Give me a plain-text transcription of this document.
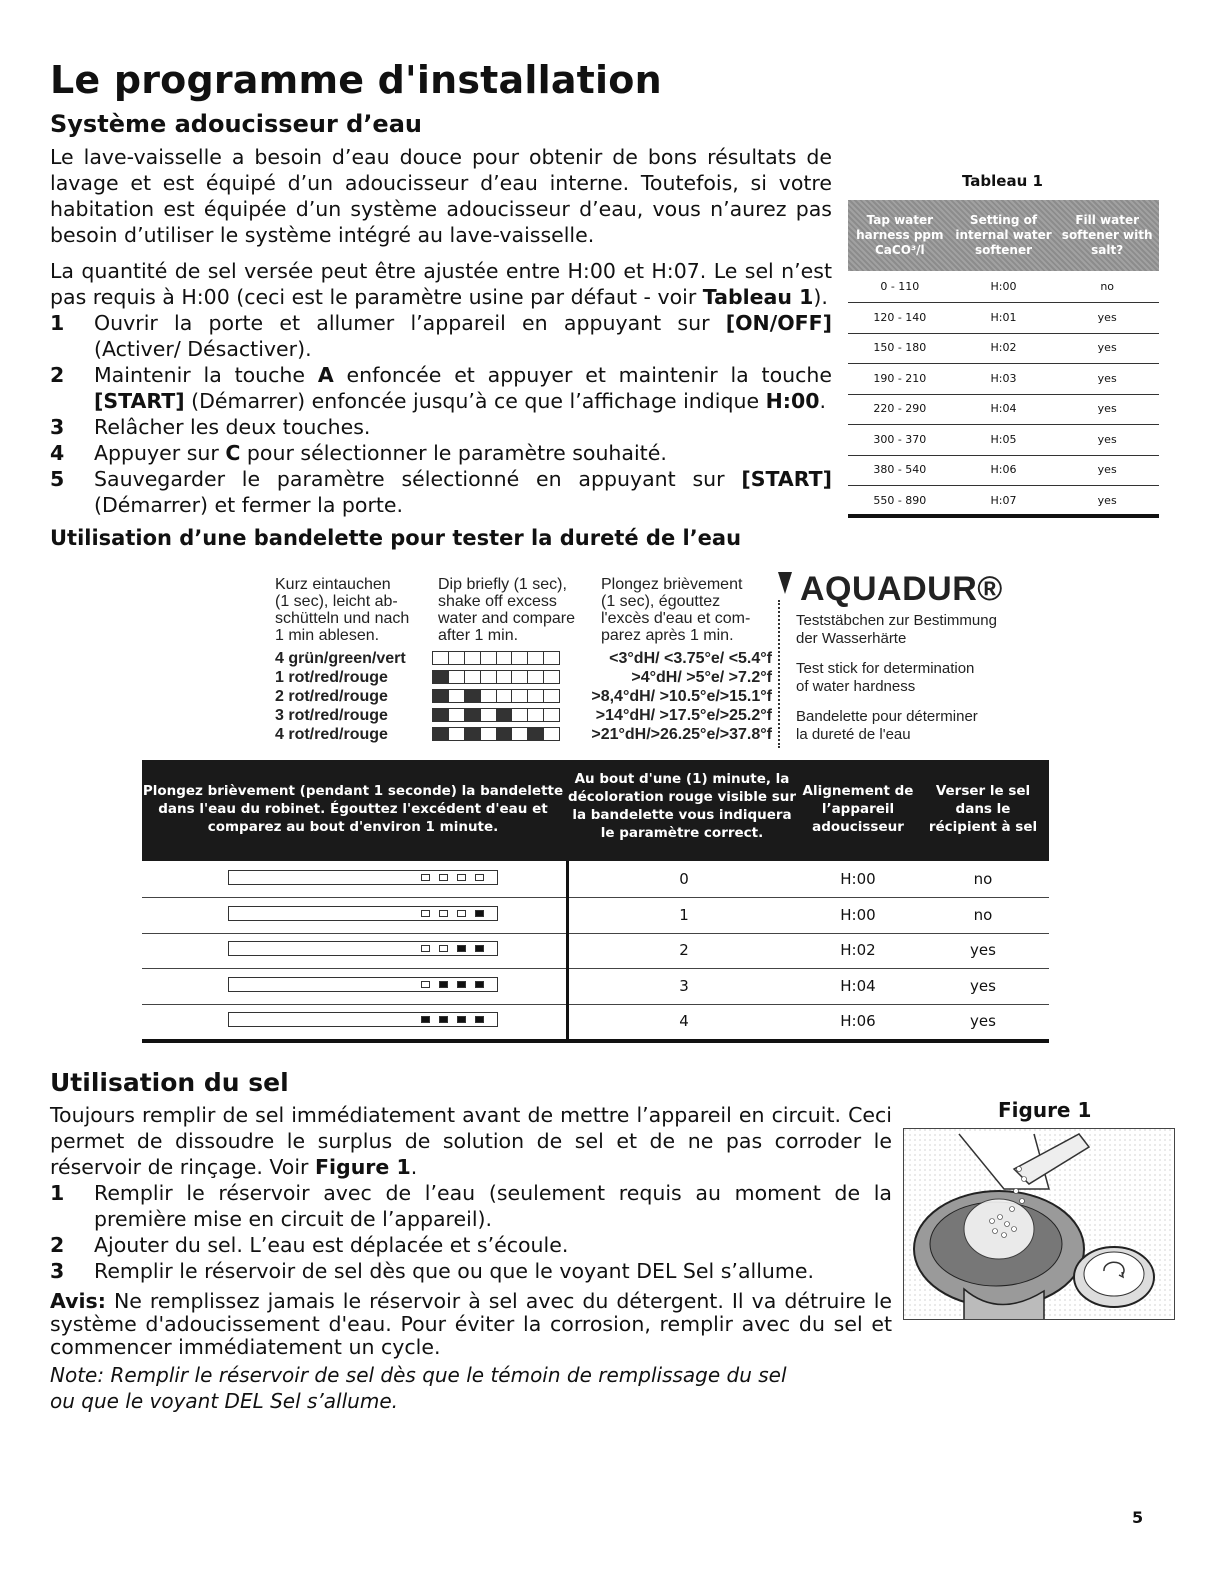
Le programme d'installation
Système adoucisseur d’eau
Le lave-vaisselle a besoin d’eau douce pour obtenir de bons résultats de lavage et est équipé d’un adoucisseur d’eau interne. Toutefois, si votre habitation est équipée d’un système adoucisseur d’eau, vous n’aurez pas besoin d’utiliser le système intégré au lave-vaisselle.
La quantité de sel versée peut être ajustée entre H:00 et H:07. Le sel n’est pas requis à H:00 (ceci est le paramètre usine par défaut - voir Tableau 1).
1 Ouvrir la porte et allumer l’appareil en appuyant sur [ON/OFF] (Activer/ Désactiver).
2 Maintenir la touche A enfoncée et appuyer et maintenir la touche [START] (Démarrer) enfoncée jusqu’à ce que l’affichage indique H:00.
3 Relâcher les deux touches.
4 Appuyer sur C pour sélectionner le paramètre souhaité.
5 Sauvegarder le paramètre sélectionné en appuyant sur [START] (Démarrer) et fermer la porte.
Tableau 1
Tap water harness ppm CaCO³/l
Setting of internal water softener
Fill water softener with salt?
0 - 110	H:00	no
120 - 140	H:01	yes
150 - 180	H:02	yes
190 - 210	H:03	yes
220 - 290	H:04	yes
300 - 370	H:05	yes
380 - 540	H:06	yes
550 - 890	H:07	yes
Utilisation d’une bandelette pour tester la dureté de l’eau
Kurz eintauchen
(1 sec), leicht ab-
schütteln und nach
1 min ablesen.
Dip briefly (1 sec),
shake off excess
water and compare
after 1 min.
Plongez brièvement
(1 sec), égouttez
l'excès d'eau et com-
parez après 1 min.
4 grün/green/vert	<3°dH/ <3.75°e/ <5.4°f
1 rot/red/rouge	>4°dH/ >5°e/ >7.2°f
2 rot/red/rouge	>8,4°dH/ >10.5°e/>15.1°f
3 rot/red/rouge	>14°dH/ >17.5°e/>25.2°f
4 rot/red/rouge	>21°dH/>26.25°e/>37.8°f
AQUADUR®
Teststäbchen zur Bestimmung
der Wasserhärte
Test stick for determination
of water hardness
Bandelette pour déterminer
la dureté de l'eau
Plongez brièvement (pendant 1 seconde) la bandelette dans l'eau du robinet. Égouttez l'excédent d'eau et comparez au bout d'environ 1 minute.
Au bout d'une (1) minute, la décoloration rouge visible sur la bandelette vous indiquera le paramètre correct.
Alignement de l’appareil adoucisseur
Verser le sel dans le récipient à sel
0	H:00	no
1	H:00	no
2	H:02	yes
3	H:04	yes
4	H:06	yes
Utilisation du sel
Toujours remplir de sel immédiatement avant de mettre l’appareil en circuit. Ceci permet de dissoudre le surplus de solution de sel et de ne pas corroder le réservoir de rinçage. Voir Figure 1.
1 Remplir le réservoir avec de l’eau (seulement requis au moment de la première mise en circuit de l’appareil).
2 Ajouter du sel. L’eau est déplacée et s’écoule.
3 Remplir le réservoir de sel dès que ou que le voyant DEL Sel s’allume.
Avis: Ne remplissez jamais le réservoir à sel avec du détergent. Il va détruire le système d'adoucissement d'eau. Pour éviter la corrosion, remplir avec du sel et commencer immédiatement un cycle.
Note: Remplir le réservoir de sel dès que le témoin de remplissage du sel ou que le voyant DEL Sel s’allume.
Figure 1
5
